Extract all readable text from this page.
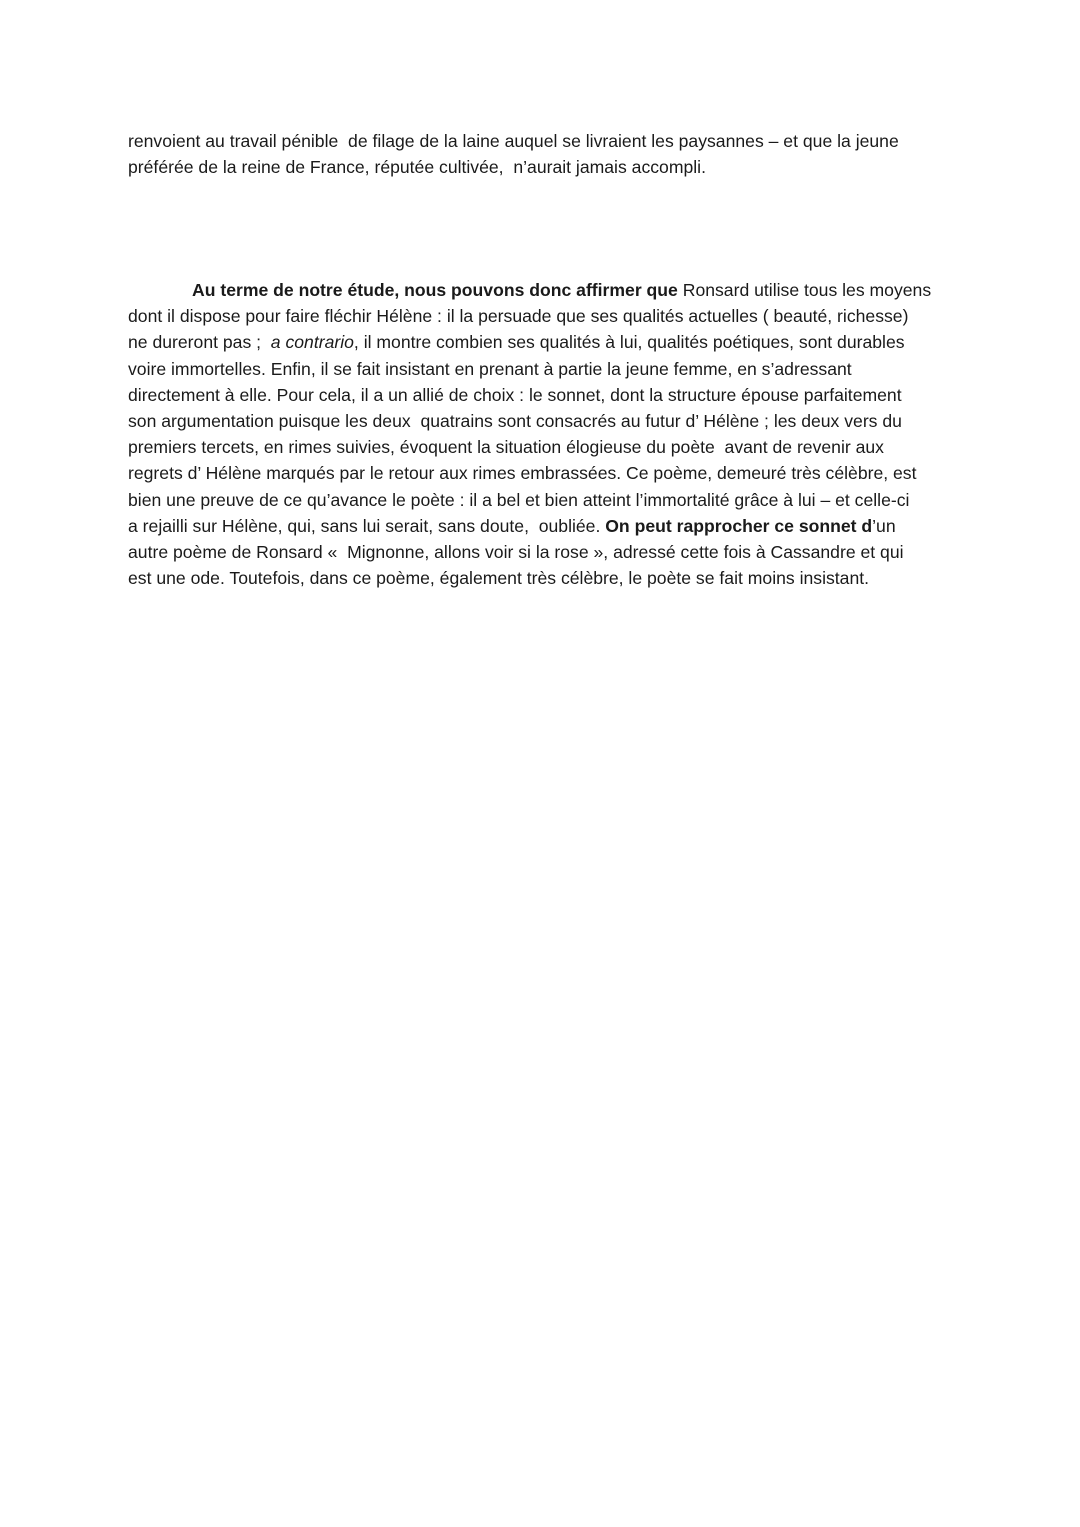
renvoient au travail pénible  de filage de la laine auquel se livraient les paysannes – et que la jeune
préférée de la reine de France, réputée cultivée,  n’aurait jamais accompli.

Au terme de notre étude, nous pouvons donc affirmer que Ronsard utilise tous les moyens
dont il dispose pour faire fléchir Hélène : il la persuade que ses qualités actuelles ( beauté, richesse)
ne dureront pas ;  a contrario, il montre combien ses qualités à lui, qualités poétiques, sont durables
voire immortelles. Enfin, il se fait insistant en prenant à partie la jeune femme, en s’adressant
directement à elle. Pour cela, il a un allié de choix : le sonnet, dont la structure épouse parfaitement
son argumentation puisque les deux  quatrains sont consacrés au futur d’ Hélène ; les deux vers du
premiers tercets, en rimes suivies, évoquent la situation élogieuse du poète  avant de revenir aux
regrets d’ Hélène marqués par le retour aux rimes embrassées. Ce poème, demeuré très célèbre, est
bien une preuve de ce qu’avance le poète : il a bel et bien atteint l’immortalité grâce à lui – et celle-ci
a rejailli sur Hélène, qui, sans lui serait, sans doute,  oubliée. On peut rapprocher ce sonnet d’un
autre poème de Ronsard «  Mignonne, allons voir si la rose », adressé cette fois à Cassandre et qui
est une ode. Toutefois, dans ce poème, également très célèbre, le poète se fait moins insistant.
